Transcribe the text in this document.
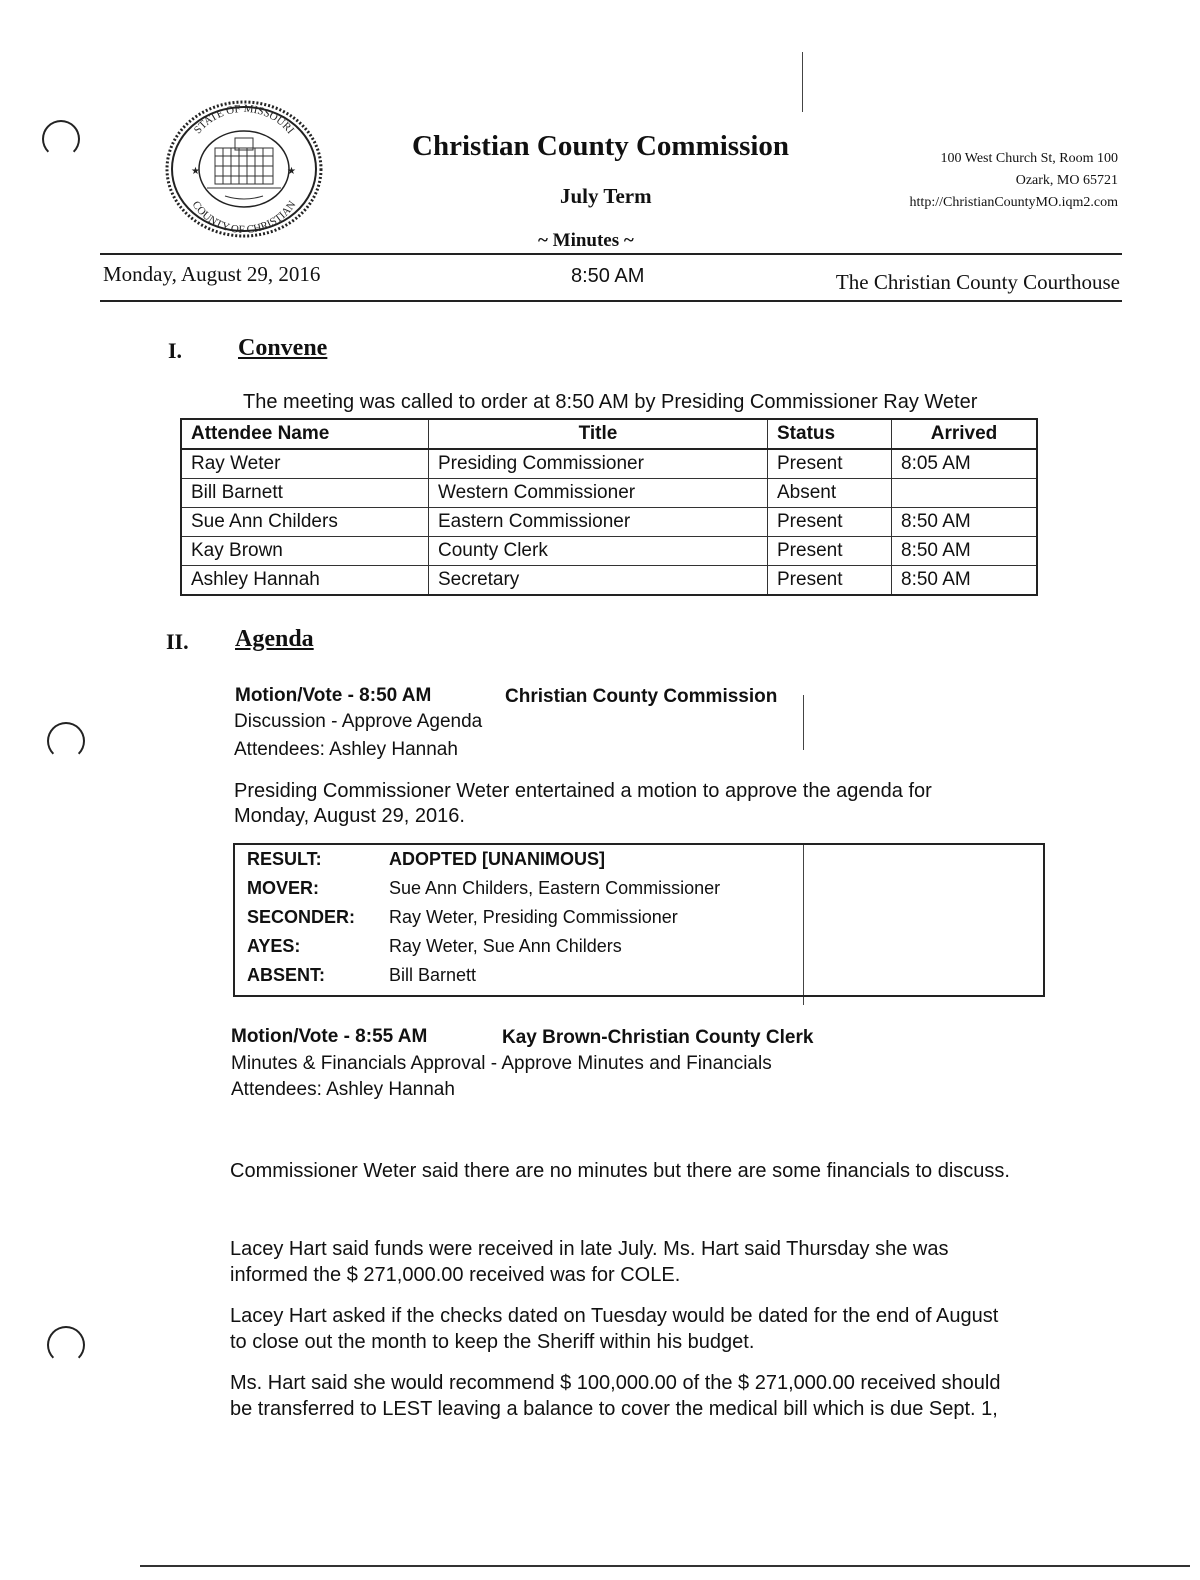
STATE OF MISSOURI
COUNTY OF CHRISTIAN
★	★
Christian County Commission
July Term
~ Minutes ~
100 West Church St, Room 100
Ozark, MO 65721
http://ChristianCountyMO.iqm2.com
Monday, August 29, 2016	8:50 AM	The Christian County Courthouse
I. Convene
The meeting was called to order at 8:50 AM by Presiding Commissioner Ray Weter
Attendee Name	Title	Status	Arrived
Ray Weter	Presiding Commissioner	Present	8:05 AM
Bill Barnett	Western Commissioner	Absent	
Sue Ann Childers	Eastern Commissioner	Present	8:50 AM
Kay Brown	County Clerk	Present	8:50 AM
Ashley Hannah	Secretary	Present	8:50 AM
II. Agenda
Motion/Vote - 8:50 AM	Christian County Commission
Discussion - Approve Agenda
Attendees: Ashley Hannah
Presiding Commissioner Weter entertained a motion to approve the agenda for
Monday, August 29, 2016.
RESULT:	ADOPTED [UNANIMOUS]
MOVER:	Sue Ann Childers, Eastern Commissioner
SECONDER: Ray Weter, Presiding Commissioner
AYES:	Ray Weter, Sue Ann Childers
ABSENT:	Bill Barnett
Motion/Vote - 8:55 AM	Kay Brown-Christian County Clerk
Minutes & Financials Approval - Approve Minutes and Financials
Attendees: Ashley Hannah
Commissioner Weter said there are no minutes but there are some financials to discuss.
Lacey Hart said funds were received in late July. Ms. Hart said Thursday she was
informed the $ 271,000.00 received was for COLE.
Lacey Hart asked if the checks dated on Tuesday would be dated for the end of August
to close out the month to keep the Sheriff within his budget.
Ms. Hart said she would recommend $ 100,000.00 of the $ 271,000.00 received should
be transferred to LEST leaving a balance to cover the medical bill which is due Sept. 1,
